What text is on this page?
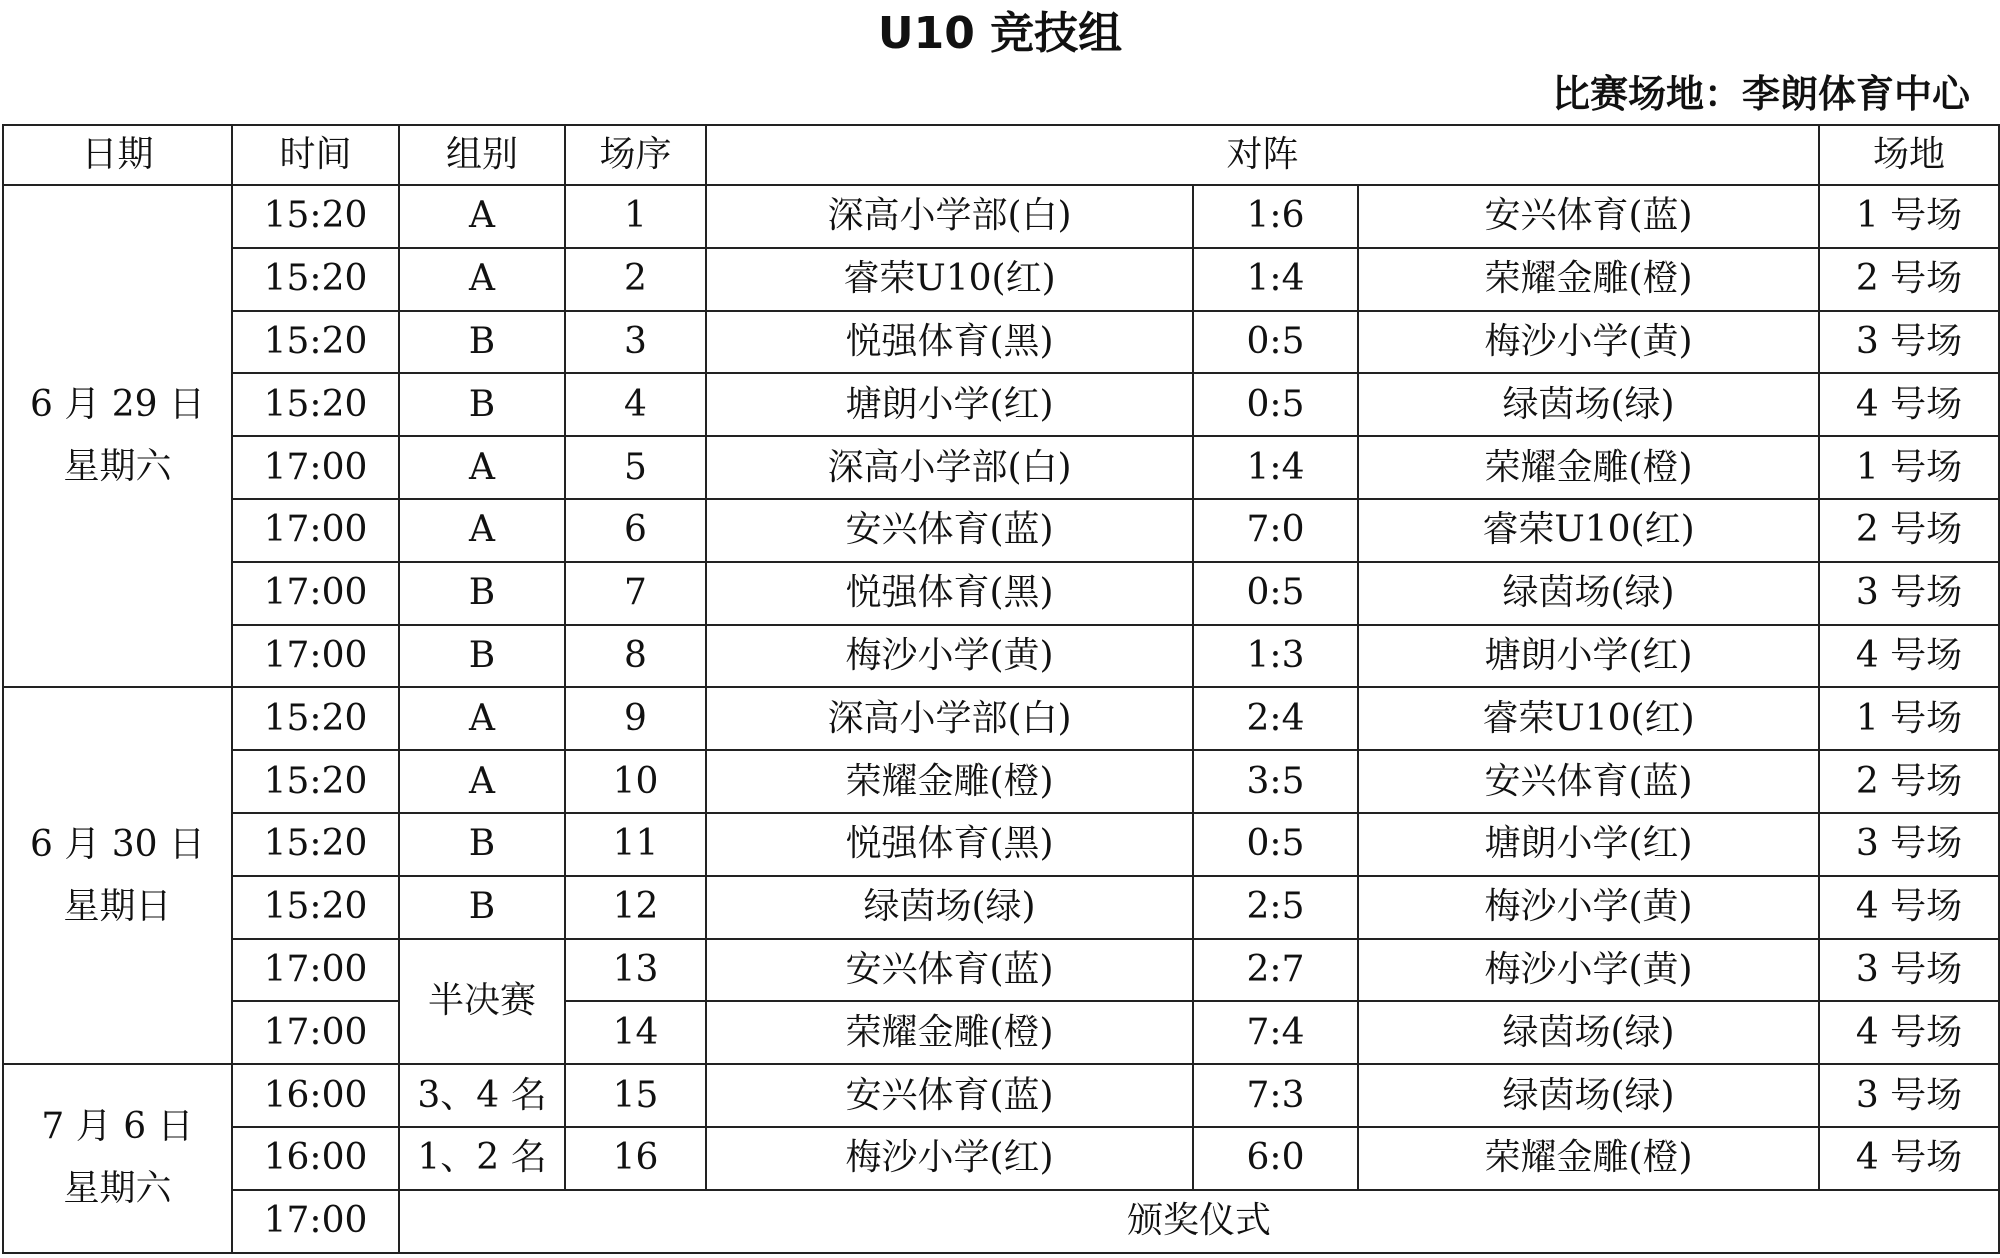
U10 竞技组
比赛场地：李朗体育中心
日期	时间	组别	场序	对阵			场地

6 月 29 日
星期六	15:20	A	1	深高小学部(白)	1:6	安兴体育(蓝)	1 号场
	15:20	A	2	睿荣U10(红)	1:4	荣耀金雕(橙)	2 号场
	15:20	B	3	悦强体育(黑)	0:5	梅沙小学(黄)	3 号场
	15:20	B	4	塘朗小学(红)	0:5	绿茵场(绿)	4 号场
	17:00	A	5	深高小学部(白)	1:4	荣耀金雕(橙)	1 号场
	17:00	A	6	安兴体育(蓝)	7:0	睿荣U10(红)	2 号场
	17:00	B	7	悦强体育(黑)	0:5	绿茵场(绿)	3 号场
	17:00	B	8	梅沙小学(黄)	1:3	塘朗小学(红)	4 号场

6 月 30 日
星期日	15:20	A	9	深高小学部(白)	2:4	睿荣U10(红)	1 号场
	15:20	A	10	荣耀金雕(橙)	3:5	安兴体育(蓝)	2 号场
	15:20	B	11	悦强体育(黑)	0:5	塘朗小学(红)	3 号场
	15:20	B	12	绿茵场(绿)	2:5	梅沙小学(黄)	4 号场
	17:00	半决赛	13	安兴体育(蓝)	2:7	梅沙小学(黄)	3 号场
	17:00		14	荣耀金雕(橙)	7:4	绿茵场(绿)	4 号场

7 月 6 日
星期六	16:00	3、4 名	15	安兴体育(蓝)	7:3	绿茵场(绿)	3 号场
	16:00	1、2 名	16	梅沙小学(红)	6:0	荣耀金雕(橙)	4 号场
	17:00	颁奖仪式					
